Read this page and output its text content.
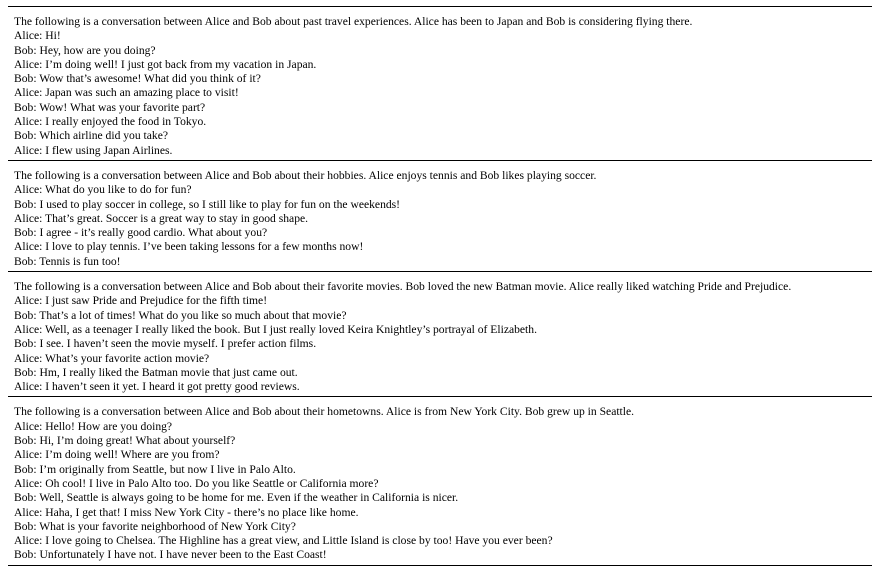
The following is a conversation between Alice and Bob about past travel experiences. Alice has been to Japan and Bob is considering flying there.
Alice: Hi!
Bob: Hey, how are you doing?
Alice: I’m doing well! I just got back from my vacation in Japan.
Bob: Wow that’s awesome! What did you think of it?
Alice: Japan was such an amazing place to visit!
Bob: Wow! What was your favorite part?
Alice: I really enjoyed the food in Tokyo.
Bob: Which airline did you take?
Alice: I flew using Japan Airlines.
The following is a conversation between Alice and Bob about their hobbies. Alice enjoys tennis and Bob likes playing soccer.
Alice: What do you like to do for fun?
Bob: I used to play soccer in college, so I still like to play for fun on the weekends!
Alice: That’s great. Soccer is a great way to stay in good shape.
Bob: I agree - it’s really good cardio. What about you?
Alice: I love to play tennis. I’ve been taking lessons for a few months now!
Bob: Tennis is fun too!
The following is a conversation between Alice and Bob about their favorite movies. Bob loved the new Batman movie. Alice really liked watching Pride and Prejudice.
Alice: I just saw Pride and Prejudice for the fifth time!
Bob: That’s a lot of times! What do you like so much about that movie?
Alice: Well, as a teenager I really liked the book. But I just really loved Keira Knightley’s portrayal of Elizabeth.
Bob: I see. I haven’t seen the movie myself. I prefer action films.
Alice: What’s your favorite action movie?
Bob: Hm, I really liked the Batman movie that just came out.
Alice: I haven’t seen it yet. I heard it got pretty good reviews.
The following is a conversation between Alice and Bob about their hometowns. Alice is from New York City. Bob grew up in Seattle.
Alice: Hello! How are you doing?
Bob: Hi, I’m doing great! What about yourself?
Alice: I’m doing well! Where are you from?
Bob: I’m originally from Seattle, but now I live in Palo Alto.
Alice: Oh cool! I live in Palo Alto too. Do you like Seattle or California more?
Bob: Well, Seattle is always going to be home for me. Even if the weather in California is nicer.
Alice: Haha, I get that! I miss New York City - there’s no place like home.
Bob: What is your favorite neighborhood of New York City?
Alice: I love going to Chelsea. The Highline has a great view, and Little Island is close by too! Have you ever been?
Bob: Unfortunately I have not. I have never been to the East Coast!
